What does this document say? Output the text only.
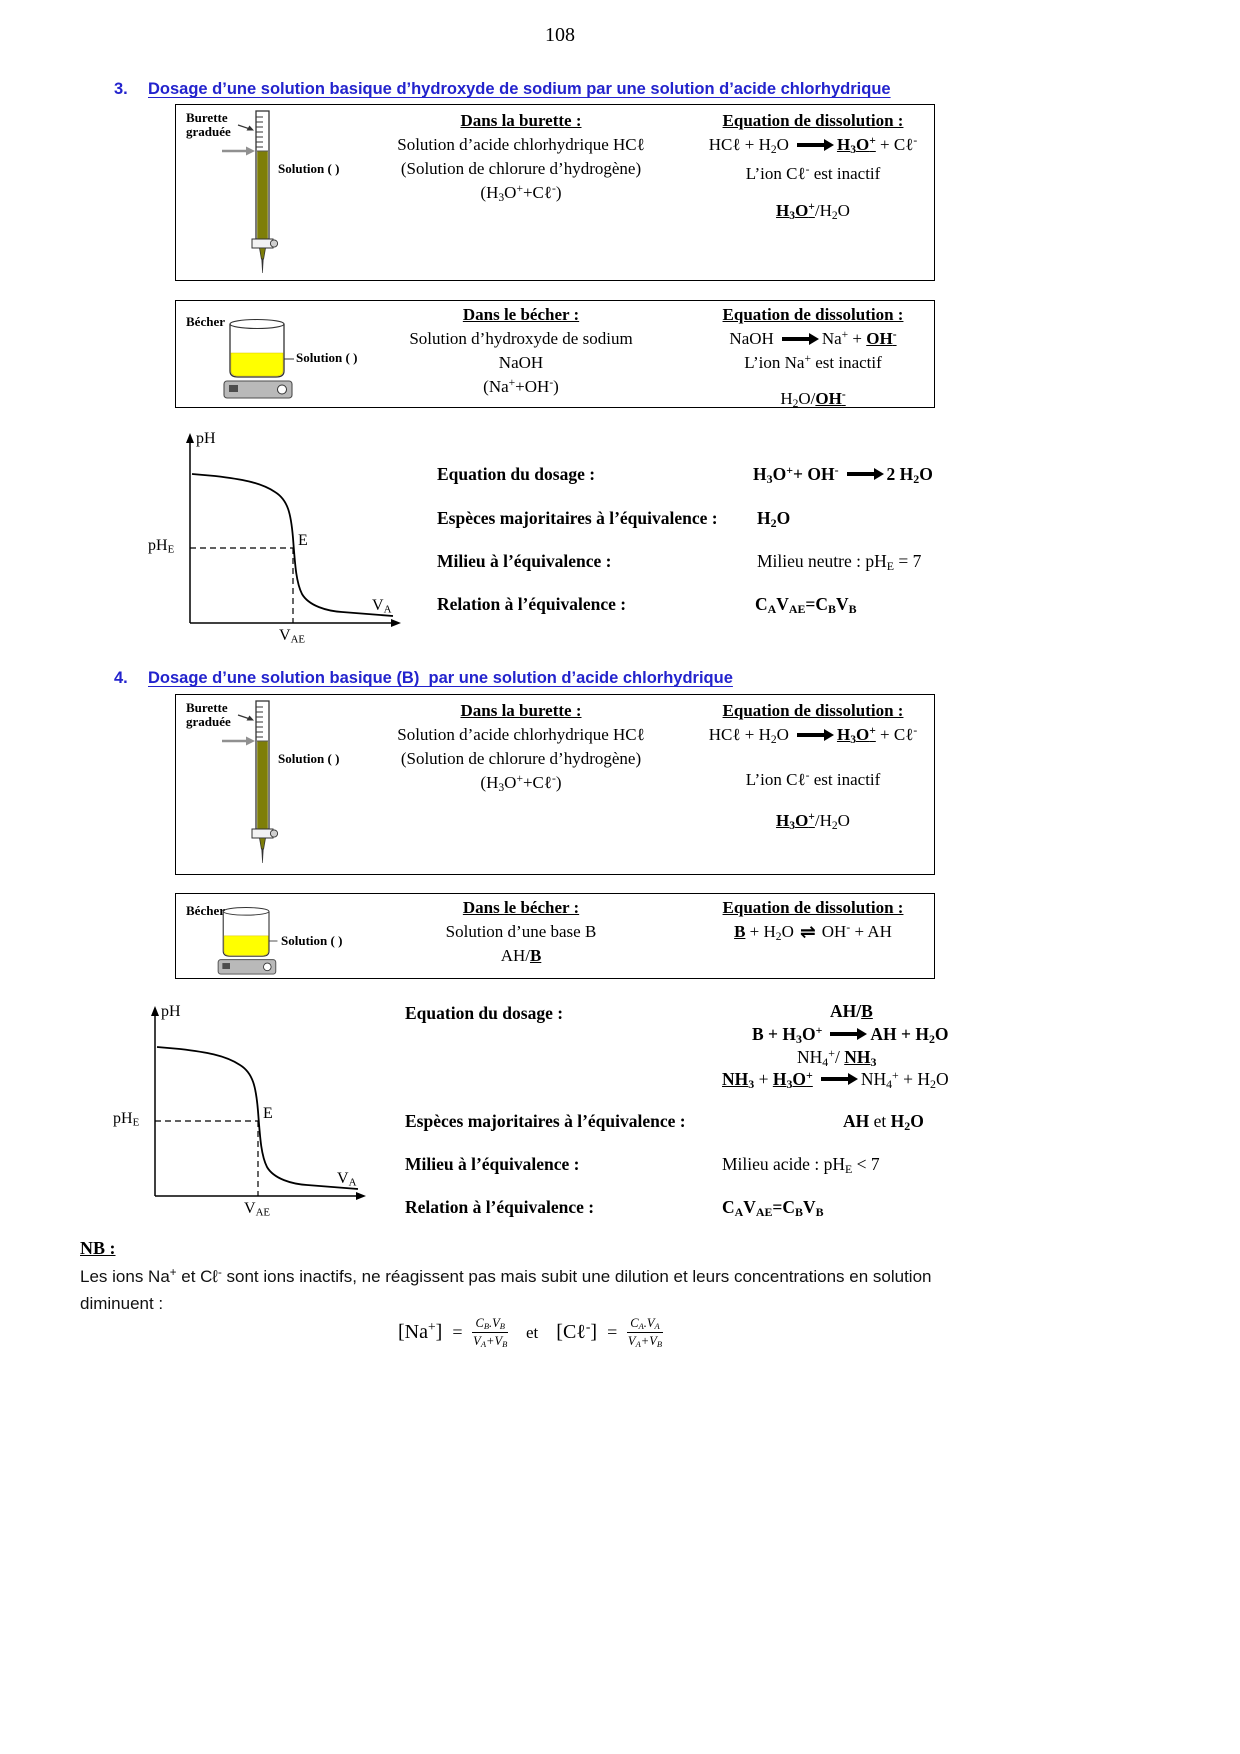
108
3.	Dosage d’une solution basique d’hydroxyde de sodium par une solution d’acide chlorhydrique
Burette graduée
Solution ( )
Dans la burette :
Solution d’acide chlorhydrique HCℓ
(Solution de chlorure d’hydrogène)
$(H_3O^++C\ell^-)$
Equation de dissolution :
HCℓ + $H_2O \to H_3O^+$ + Cℓ-
L’ion Cℓ- est inactif
$H_3O^+/H_2O$
Bécher
Solution ( )
Dans le bécher :
Solution d’hydroxyde de sodium
NaOH
(Na++OH-)
Equation de dissolution :
NaOH → Na+ + OH-
L’ion Na+ est inactif
$H_2O/OH^-$
pH
$pH_E$
E
$V_A$
$V_{AE}$
Equation du dosage :	$H_3O^++ OH^- \to 2$ $H_2O$
Espèces majoritaires à l’équivalence : $H_2O$
Milieu à l’équivalence :	Milieu neutre : $pH_E = 7$
Relation à l’équivalence :	$C_AV_{AE}=C_BV_B$
4.	Dosage d’une solution basique (B)  par une solution d’acide chlorhydrique
Burette graduée
Solution ( )
Dans la burette :
Solution d’acide chlorhydrique HCℓ
(Solution de chlorure d’hydrogène)
$(H_3O^++C\ell^-)$
Equation de dissolution :
HCℓ + $H_2O \to H_3O^+$ + Cℓ-
L’ion Cℓ- est inactif
$H_3O^+/H_2O$
Bécher
Solution ( )
Dans le bécher :
Solution d’une base B
AH/B
Equation de dissolution :
$B + H_2O$ ⇌ OH- + AH
pH
$pH_E$
E
$V_A$
$V_{AE}$
Equation du dosage :	AH/B
$B + H_3O^+$ → AH + $H_2O$
$NH_4^+/$ $NH_3$
$NH_3 + H_3O^+ \to NH_4^+ + H_2O$
Espèces majoritaires à l’équivalence :	AH et $H_2O$
Milieu à l’équivalence :	Milieu acide : $pH_E < 7$
Relation à l’équivalence :	$C_AV_{AE}=C_BV_B$
NB :
Les ions Na+ et Cℓ- sont ions inactifs, ne réagissent pas mais subit une dilution et leurs concentrations en solution diminuent :
$[Na^+] = \frac{C_B.V_B}{V_A+V_B}$ et [Cℓ-] = $\frac{C_A.V_A}{V_A+V_B}$
